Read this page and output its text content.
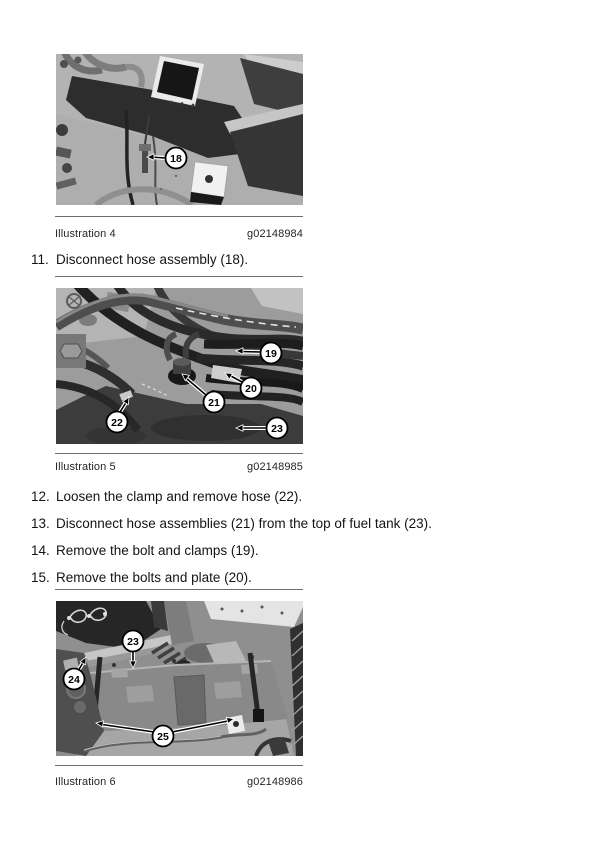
18
Illustration 4	g02148984
11. Disconnect hose assembly (18).
19
20
21
22	23
Illustration 5	g02148985
12. Loosen the clamp and remove hose (22).
13. Disconnect hose assemblies (21) from the top of fuel tank (23).
14. Remove the bolt and clamps (19).
15. Remove the bolts and plate (20).
23
24
25
Illustration 6	g02148986
